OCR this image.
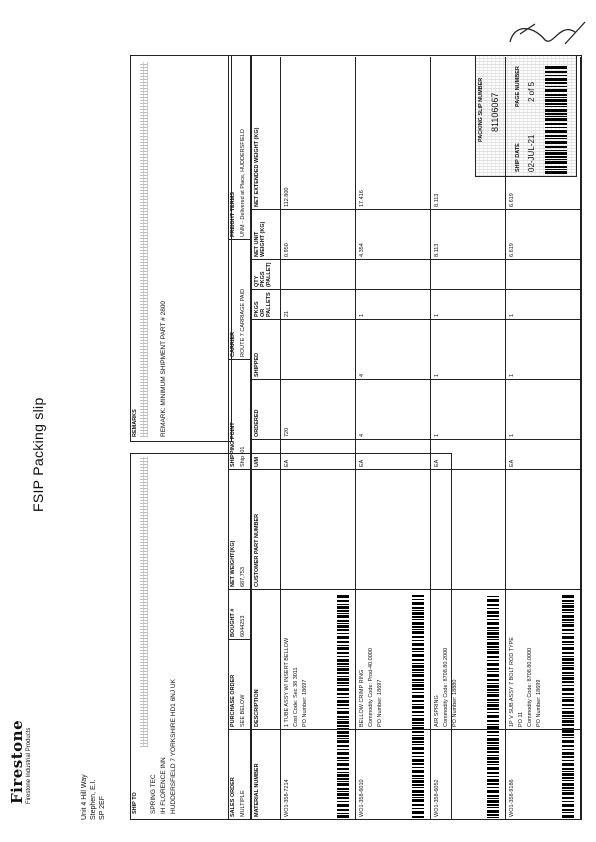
Firestone Firestone Industrial Products	Unit 4 Hill Way Stephen, E.I. SP 2EF
FSIP Packing slip
PACKING SLIP NUMBER 81106067
SHIP DATE 02-JUL-21
PAGE NUMBER 2 of 5
SHIP TO SPRING TEC IH FLORENCE INN HUDDERSFIELD 7 YORKSHIRE HD1 6NJ UK
REMARKS	REMARK: MINIMUM SHIPMENT PART # 2800
SALES ORDER MULTIPLE
PURCHASE ORDER SEE BELOW
BOUGHT # 6044253
NET WEIGHT(KG) 687,753
SHIPPING POINT Ship -01
CARRIER ROUTE 7 CARRIAGE PAID
FREIGHT TERMS UNM - Delivered at Place, HUDDERSFIELD
MATERIAL NUMBER
DESCRIPTION
CUSTOMER PART NUMBER
U/M
ORDERED
SHIPPED
PKGS OR PALLETS
QTY PKGS (PALLET)
NET UNIT WEIGHT (KG)
NET EXTENDED WEIGHT (KG)
WO1-358-7214
1 TUBE ASSY W/ INSERT BELLOW Cost Code: Sec 38 3011 PO Number: 18697
EA
720
21
0.950
112.800
WO1-358-6010
BELLOW CRIMP RING Commodity Code: Prod-40.0000 PO Number: 18697
EA
4
4
1
4.354
17.416
WO1-358-6052
AIR SPRING Commodity Code: 8708.80.2000 PO Number: 18880
EA
1
1
1
8.113
8.113
WO1-358-9186
1P V SUB ASSY 7 BOLT ROD TYPE PO 11 Commodity Code: 8708.80.0000 PO Number: 18699
EA
1
1
1
6.619
6.619
